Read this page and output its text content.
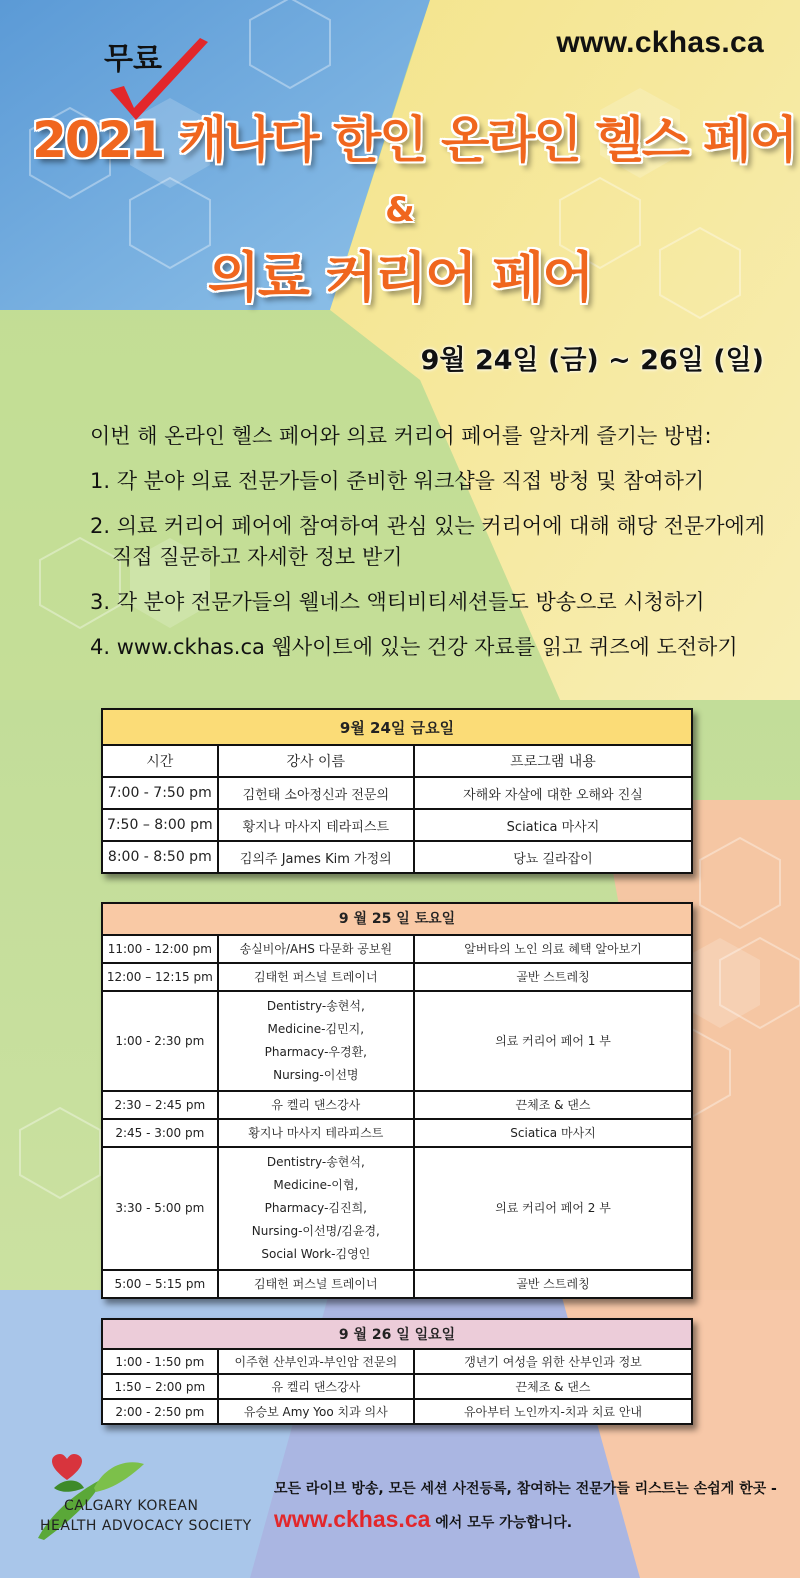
www.ckhas.ca
무료
2021 캐나다 한인 온라인 헬스 페어
&
의료 커리어 페어
9월 24일 (금) ~ 26일 (일)
이번 해 온라인 헬스 페어와 의료 커리어 페어를 알차게 즐기는 방법:
1. 각 분야 의료 전문가들이 준비한 워크샵을 직접 방청 및 참여하기
2. 의료 커리어 페어에 참여하여 관심 있는 커리어에 대해 해당 전문가에게
직접 질문하고 자세한 정보 받기
3. 각 분야 전문가들의 웰네스 액티비티세션들도 방송으로 시청하기
4. www.ckhas.ca 웹사이트에 있는 건강 자료를 읽고 퀴즈에 도전하기
9월 24일 금요일		
시간	강사 이름	프로그램 내용
7:00 - 7:50 pm	김헌태 소아정신과 전문의	자해와 자살에 대한 오해와 진실
7:50 – 8:00 pm	황지나 마사지 테라피스트	Sciatica 마사지
8:00 - 8:50 pm	김의주 James Kim 가정의	당뇨 길라잡이
9 월 25 일 토요일		
11:00 - 12:00 pm	송실비아/AHS 다문화 공보원	알버타의 노인 의료 혜택 알아보기
12:00 – 12:15 pm	김태헌 퍼스널 트레이너	골반 스트레칭
1:00 - 2:30 pm	Dentistry-송현석,
Medicine-김민지,
Pharmacy-우경환,
Nursing-이선명	의료 커리어 페어 1 부
2:30 – 2:45 pm	유 켈리 댄스강사	끈체조 & 댄스
2:45 - 3:00 pm	황지나 마사지 테라피스트	Sciatica 마사지
3:30 - 5:00 pm	Dentistry-송현석,
Medicine-이협,
Pharmacy-김진희,
Nursing-이선명/김윤경,
Social Work-김영인	의료 커리어 페어 2 부
5:00 – 5:15 pm	김태헌 퍼스널 트레이너	골반 스트레칭
9 월 26 일 일요일		
1:00 - 1:50 pm	이주현 산부인과-부인암 전문의	갱년기 여성을 위한 산부인과 정보
1:50 – 2:00 pm	유 켈리 댄스강사	끈체조 & 댄스
2:00 - 2:50 pm	유승보 Amy Yoo 치과 의사	유아부터 노인까지-치과 치료 안내
CALGARY KOREAN
HEALTH ADVOCACY SOCIETY
모든 라이브 방송, 모든 세션 사전등록, 참여하는 전문가들 리스트는 손쉽게 한곳 -
www.ckhas.ca 에서 모두 가능합니다.
